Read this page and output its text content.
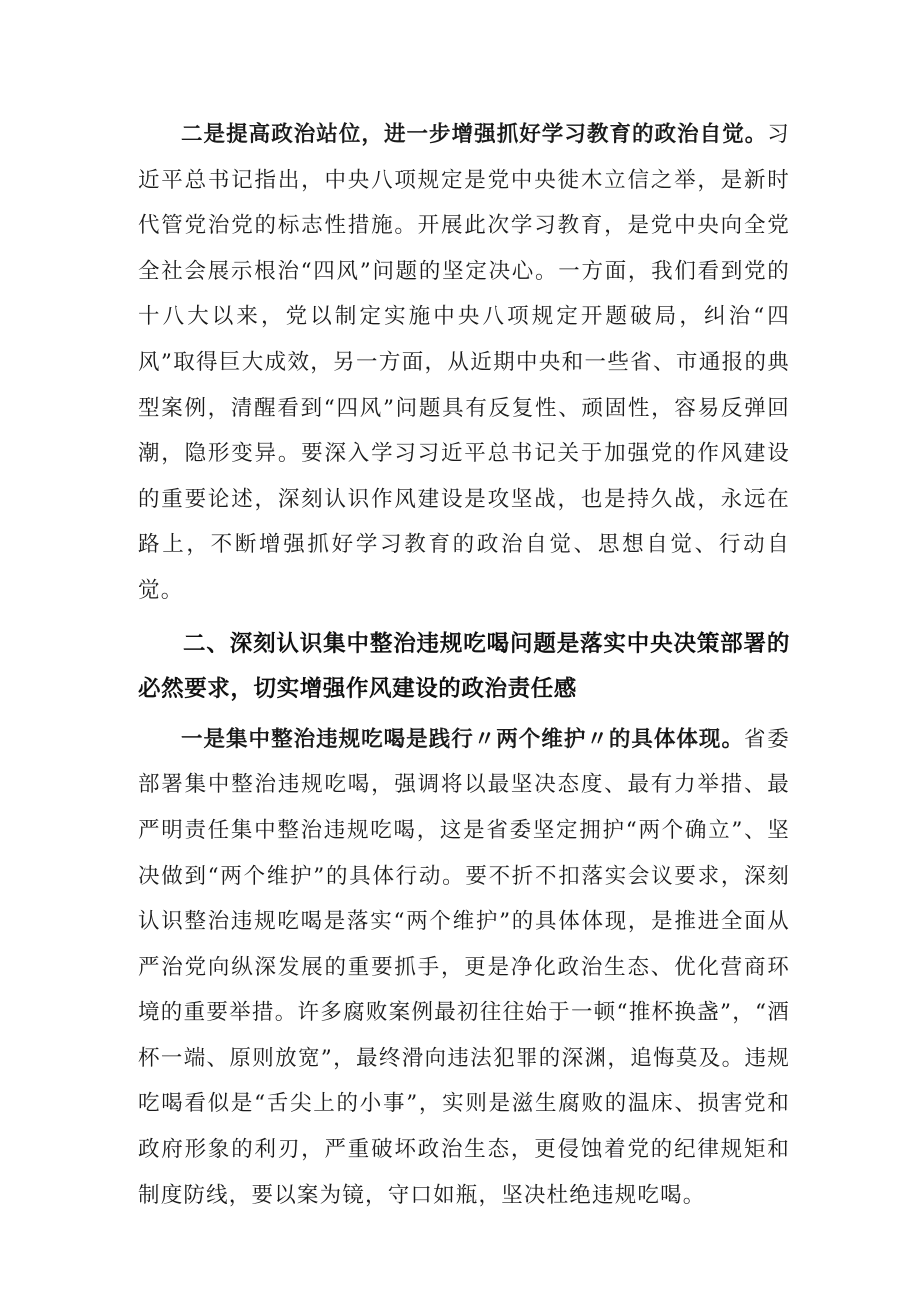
二是提高政治站位，进一步增强抓好学习教育的政治自觉。习近平总书记指出，中央八项规定是党中央徙木立信之举，是新时代管党治党的标志性措施。开展此次学习教育，是党中央向全党全社会展示根治“四风”问题的坚定决心。一方面，我们看到党的十八大以来，党以制定实施中央八项规定开题破局，纠治“四风”取得巨大成效，另一方面，从近期中央和一些省、市通报的典型案例，清醒看到“四风”问题具有反复性、顽固性，容易反弹回潮，隐形变异。要深入学习习近平总书记关于加强党的作风建设的重要论述，深刻认识作风建设是攻坚战，也是持久战，永远在路上，不断增强抓好学习教育的政治自觉、思想自觉、行动自觉。

二、深刻认识集中整治违规吃喝问题是落实中央决策部署的必然要求，切实增强作风建设的政治责任感

一是集中整治违规吃喝是践行〃两个维护〃的具体体现。省委部署集中整治违规吃喝，强调将以最坚决态度、最有力举措、最严明责任集中整治违规吃喝，这是省委坚定拥护“两个确立”、坚决做到“两个维护”的具体行动。要不折不扣落实会议要求，深刻认识整治违规吃喝是落实“两个维护”的具体体现，是推进全面从严治党向纵深发展的重要抓手，更是净化政治生态、优化营商环境的重要举措。许多腐败案例最初往往始于一顿“推杯换盏”，“酒杯一端、原则放宽”，最终滑向违法犯罪的深渊，追悔莫及。违规吃喝看似是“舌尖上的小事”，实则是滋生腐败的温床、损害党和政府形象的利刃，严重破坏政治生态，更侵蚀着党的纪律规矩和制度防线，要以案为镜，守口如瓶，坚决杜绝违规吃喝。
